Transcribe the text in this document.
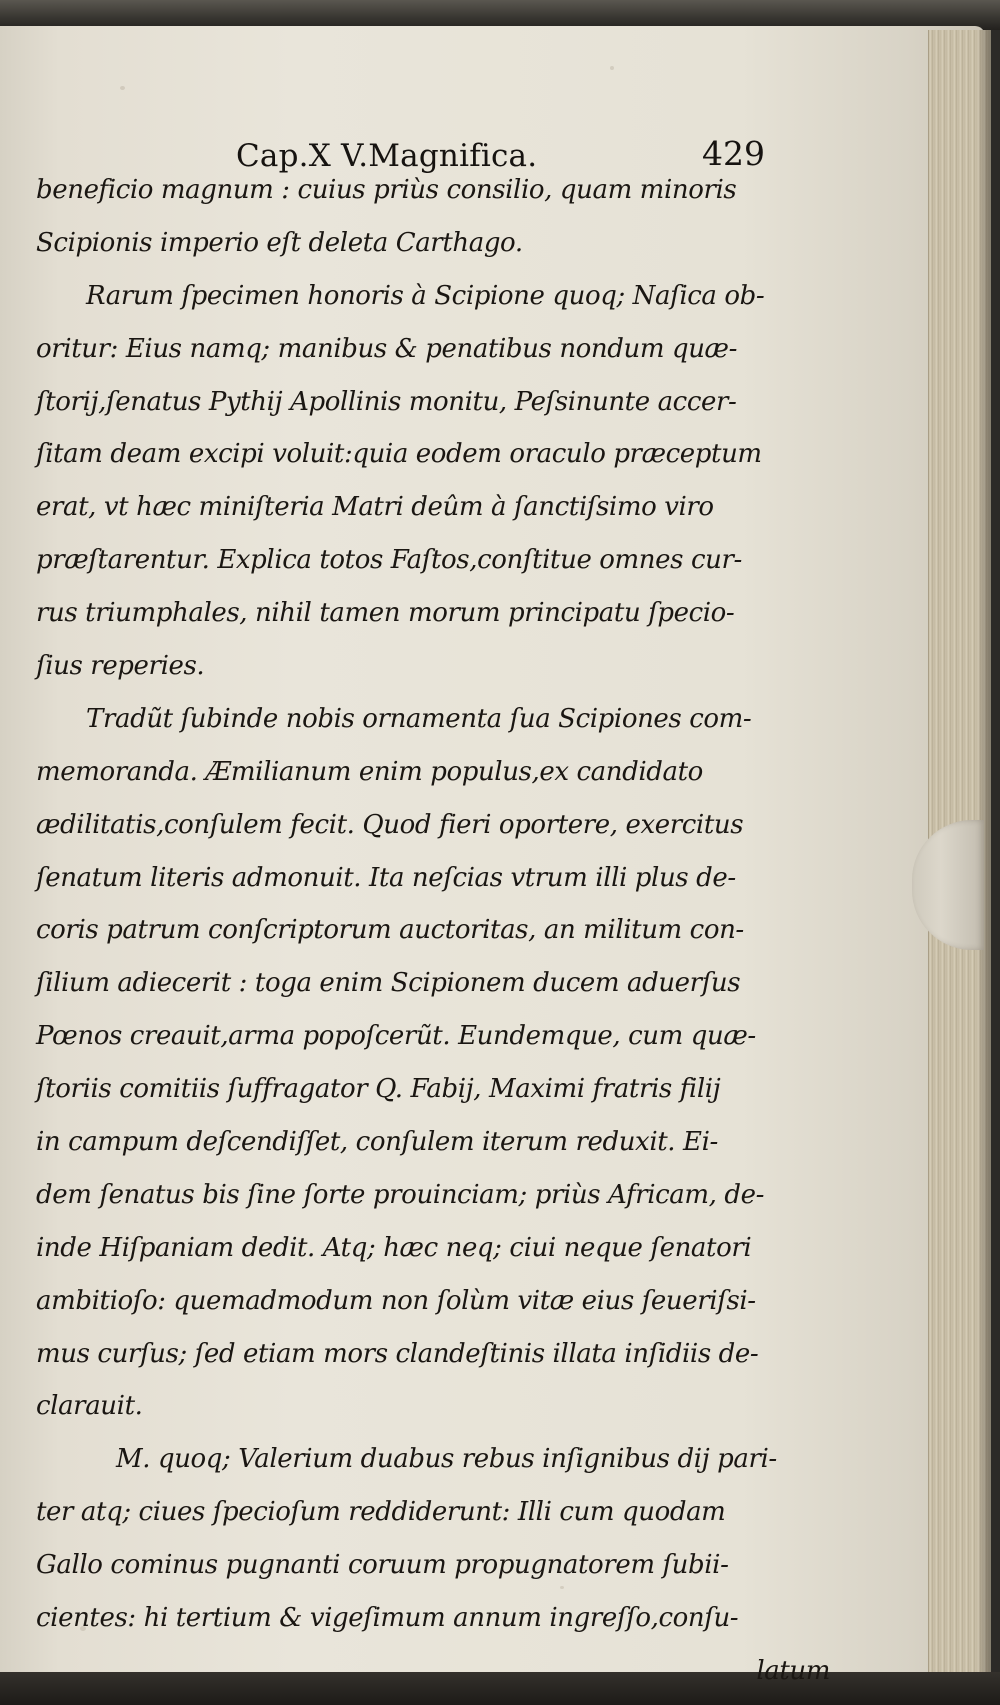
Cap.X V.Magnifica.	429
beneficio magnum : cuius priùs consilio, quam minoris
Scipionis imperio eſt deleta Carthago.
Rarum ſpecimen honoris à Scipione quoq; Naſica ob-
oritur: Eius namq; manibus & penatibus nondum quæ-
ſtorij,ſenatus Pythij Apollinis monitu, Peſsinunte accer-
ſitam deam excipi voluit:quia eodem oraculo præceptum
erat, vt hæc miniſteria Matri deûm à ſanctiſsimo viro
præſtarentur. Explica totos Faſtos,conſtitue omnes cur-
rus triumphales, nihil tamen morum principatu ſpecio-
ſius reperies.
Tradũt ſubinde nobis ornamenta ſua Scipiones com-
memoranda. Æmilianum enim populus,ex candidato
ædilitatis,conſulem fecit. Quod fieri oportere, exercitus
ſenatum literis admonuit. Ita neſcias vtrum illi plus de-
coris patrum conſcriptorum auctoritas, an militum con-
ſilium adiecerit : toga enim Scipionem ducem aduerſus
Pœnos creauit,arma popoſcerũt. Eundemque, cum quæ-
ſtoriis comitiis ſuffragator Q. Fabij, Maximi fratris filij
in campum deſcendiſſet, conſulem iterum reduxit. Ei-
dem ſenatus bis ſine ſorte prouinciam; priùs Africam, de-
inde Hiſpaniam dedit. Atq; hæc neq; ciui neque ſenatori
ambitioſo: quemadmodum non ſolùm vitæ eius ſeueriſsi-
mus curſus; ſed etiam mors clandeſtinis illata inſidiis de-
clarauit.
M. quoq; Valerium duabus rebus inſignibus dij pari-
ter atq; ciues ſpecioſum reddiderunt: Illi cum quodam
Gallo cominus pugnanti coruum propugnatorem ſubii-
cientes: hi tertium & vigeſimum annum ingreſſo,conſu-
latum
